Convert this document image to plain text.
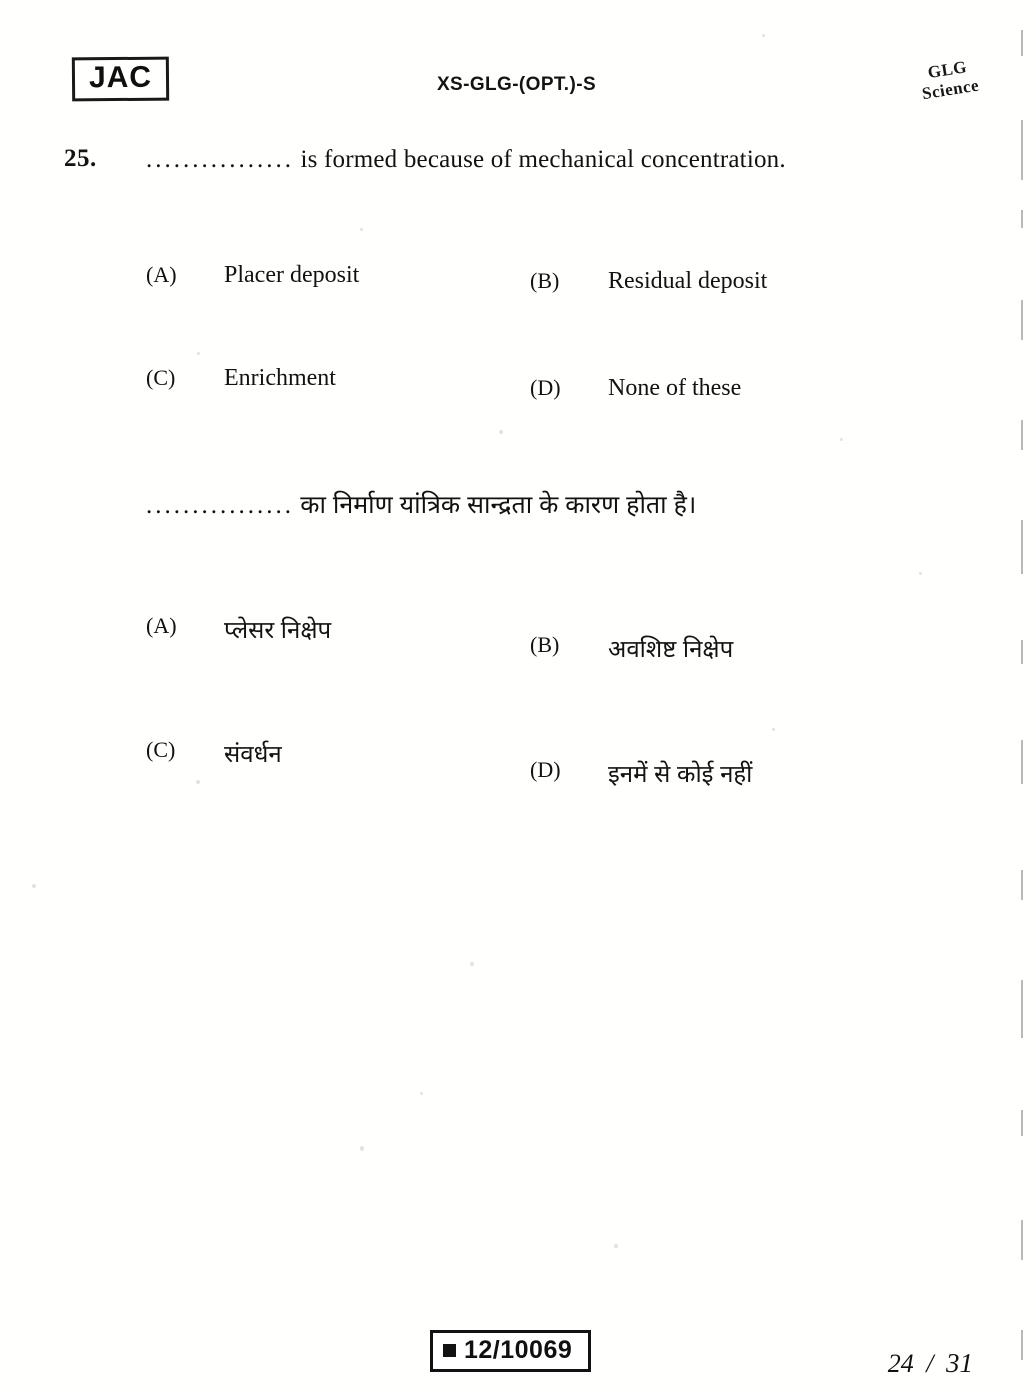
JAC	XS-GLG-(OPT.)-S
GLG
Science
25. ................ is formed because of mechanical concentration.
(A) Placer deposit	(B) Residual deposit
(C) Enrichment	(D) None of these
................ का निर्माण यांत्रिक सान्द्रता के कारण होता है।
(A) प्लेसर निक्षेप
(B) अवशिष्ट निक्षेप
(C) संवर्धन
(D) इनमें से कोई नहीं
12/10069	24 / 31
